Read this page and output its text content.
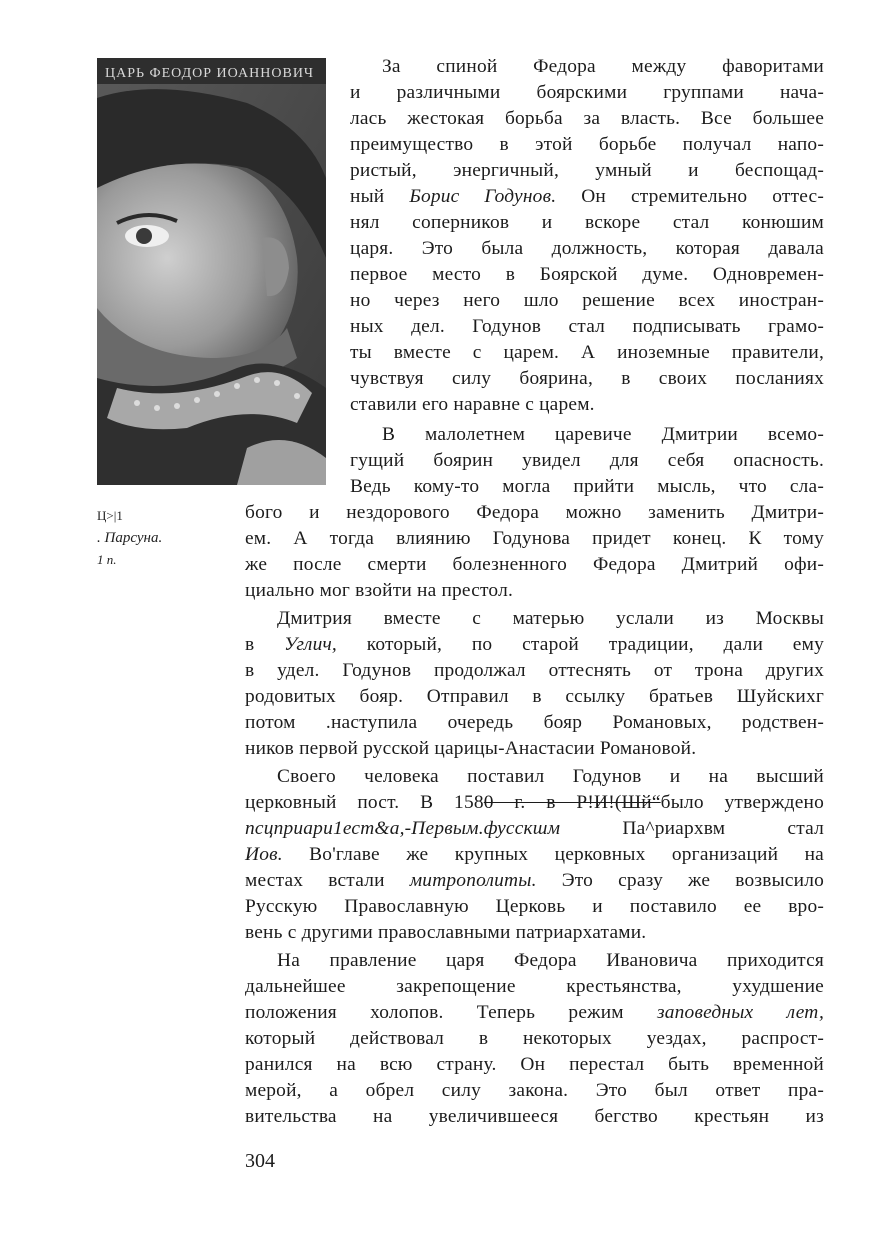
ЦАРЬ ФЕОДОР ИОАННОВИЧ
Ц>|1
. Парсуна.
1 п.
За спиной Федора между фаворитами
и различными боярскими группами нача-
лась жестокая борьба за власть. Все большее
преимущество в этой борьбе получал напо-
ристый, энергичный, умный и беспощад-
ный Борис Годунов. Он стремительно оттес-
нял соперников и вскоре стал конюшим
царя. Это была должность, которая давала
первое место в Боярской думе. Одновремен-
но через него шло решение всех иностран-
ных дел. Годунов стал подписывать грамо-
ты вместе с царем. А иноземные правители,
чувствуя силу боярина, в своих посланиях
ставили его наравне с царем.
В малолетнем царевиче Дмитрии всемо-
гущий боярин увидел для себя опасность.
Ведь кому-то могла прийти мысль, что сла-
бого и нездорового Федора можно заменить Дмитри-
ем. А тогда влиянию Годунова придет конец. К тому
же после смерти болезненного Федора Дмитрий офи-
циально мог взойти на престол.
Дмитрия вместе с матерью услали из Москвы
в Углич, который, по старой традиции, дали ему
в удел. Годунов продолжал оттеснять от трона других
родовитых бояр. Отправил в ссылку братьев Шуйскихг
потом .наступила очередь бояр Романовых, родствен-
ников первой русской царицы-Анастасии Романовой.
Своего человека поставил Годунов и на высший
церковный пост. В 1580 г. в Р!И!(Шй“было утверждено
псцприари1ест&а,-Первым.фусскшм Па^риархвм стал
Иов. Во'главе же крупных церковных организаций на
местах встали митрополиты. Это сразу же возвысило
Русскую Православную Церковь и поставило ее вро-
вень с другими православными патриархатами.
На правление царя Федора Ивановича приходится
дальнейшее закрепощение крестьянства, ухудшение
положения холопов. Теперь режим заповедных лет,
который действовал в некоторых уездах, распрост-
ранился на всю страну. Он перестал быть временной
мерой, а обрел силу закона. Это был ответ пра-
вительства на увеличившееся бегство крестьян из
304
